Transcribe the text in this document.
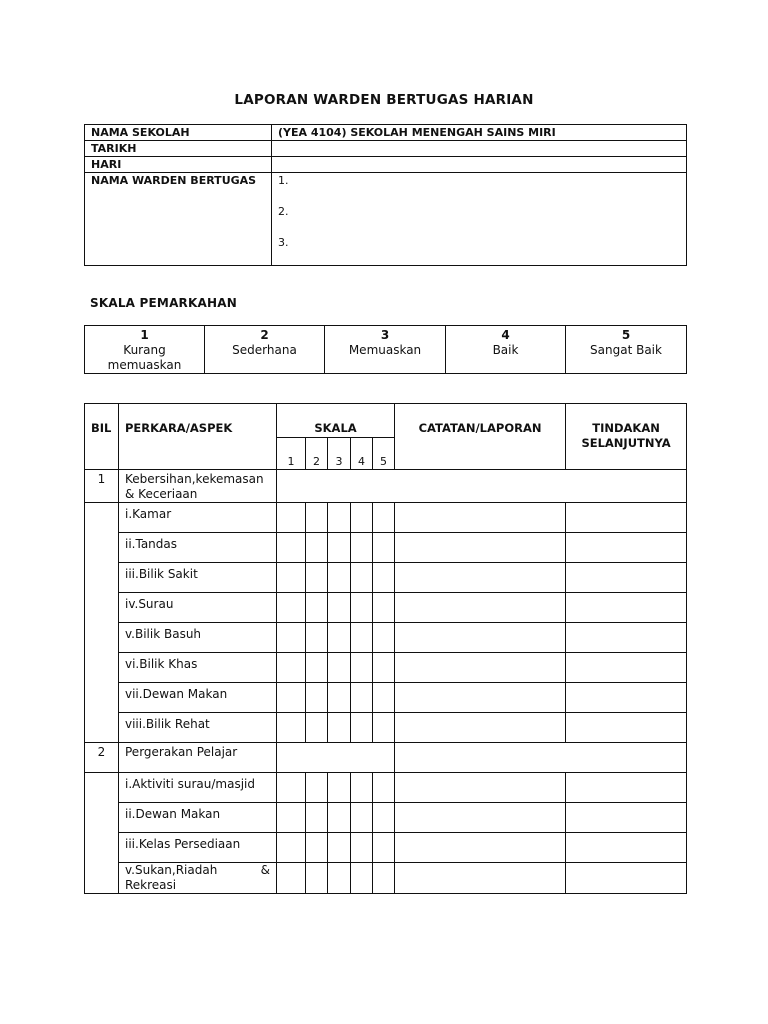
LAPORAN WARDEN BERTUGAS HARIAN
NAMA SEKOLAH	(YEA 4104) SEKOLAH MENENGAH SAINS MIRI
TARIKH	
HARI	
NAMA WARDEN BERTUGAS	1.
2.
3.
SKALA PEMARKAHAN
1
Kurang memuaskan

2
Sederhana

3
Memuaskan

4
Baik

5
Sangat Baik
BIL	PERKARA/ASPEK	SKALA					CATATAN/LAPORAN	TINDAKAN SELANJUTNYA
		1	2	3	4	5		
1	Kebersihan,kekemasan & Keceriaan							
	i.Kamar							
	ii.Tandas							
	iii.Bilik Sakit							
	iv.Surau							
	v.Bilik Basuh							
	vi.Bilik Khas							
	vii.Dewan Makan							
	viii.Bilik Rehat							
2	Pergerakan Pelajar							
	i.Aktiviti surau/masjid							
	ii.Dewan Makan							
	iii.Kelas Persediaan							

	v.Sukan,Riadah &
Rekreasi							
